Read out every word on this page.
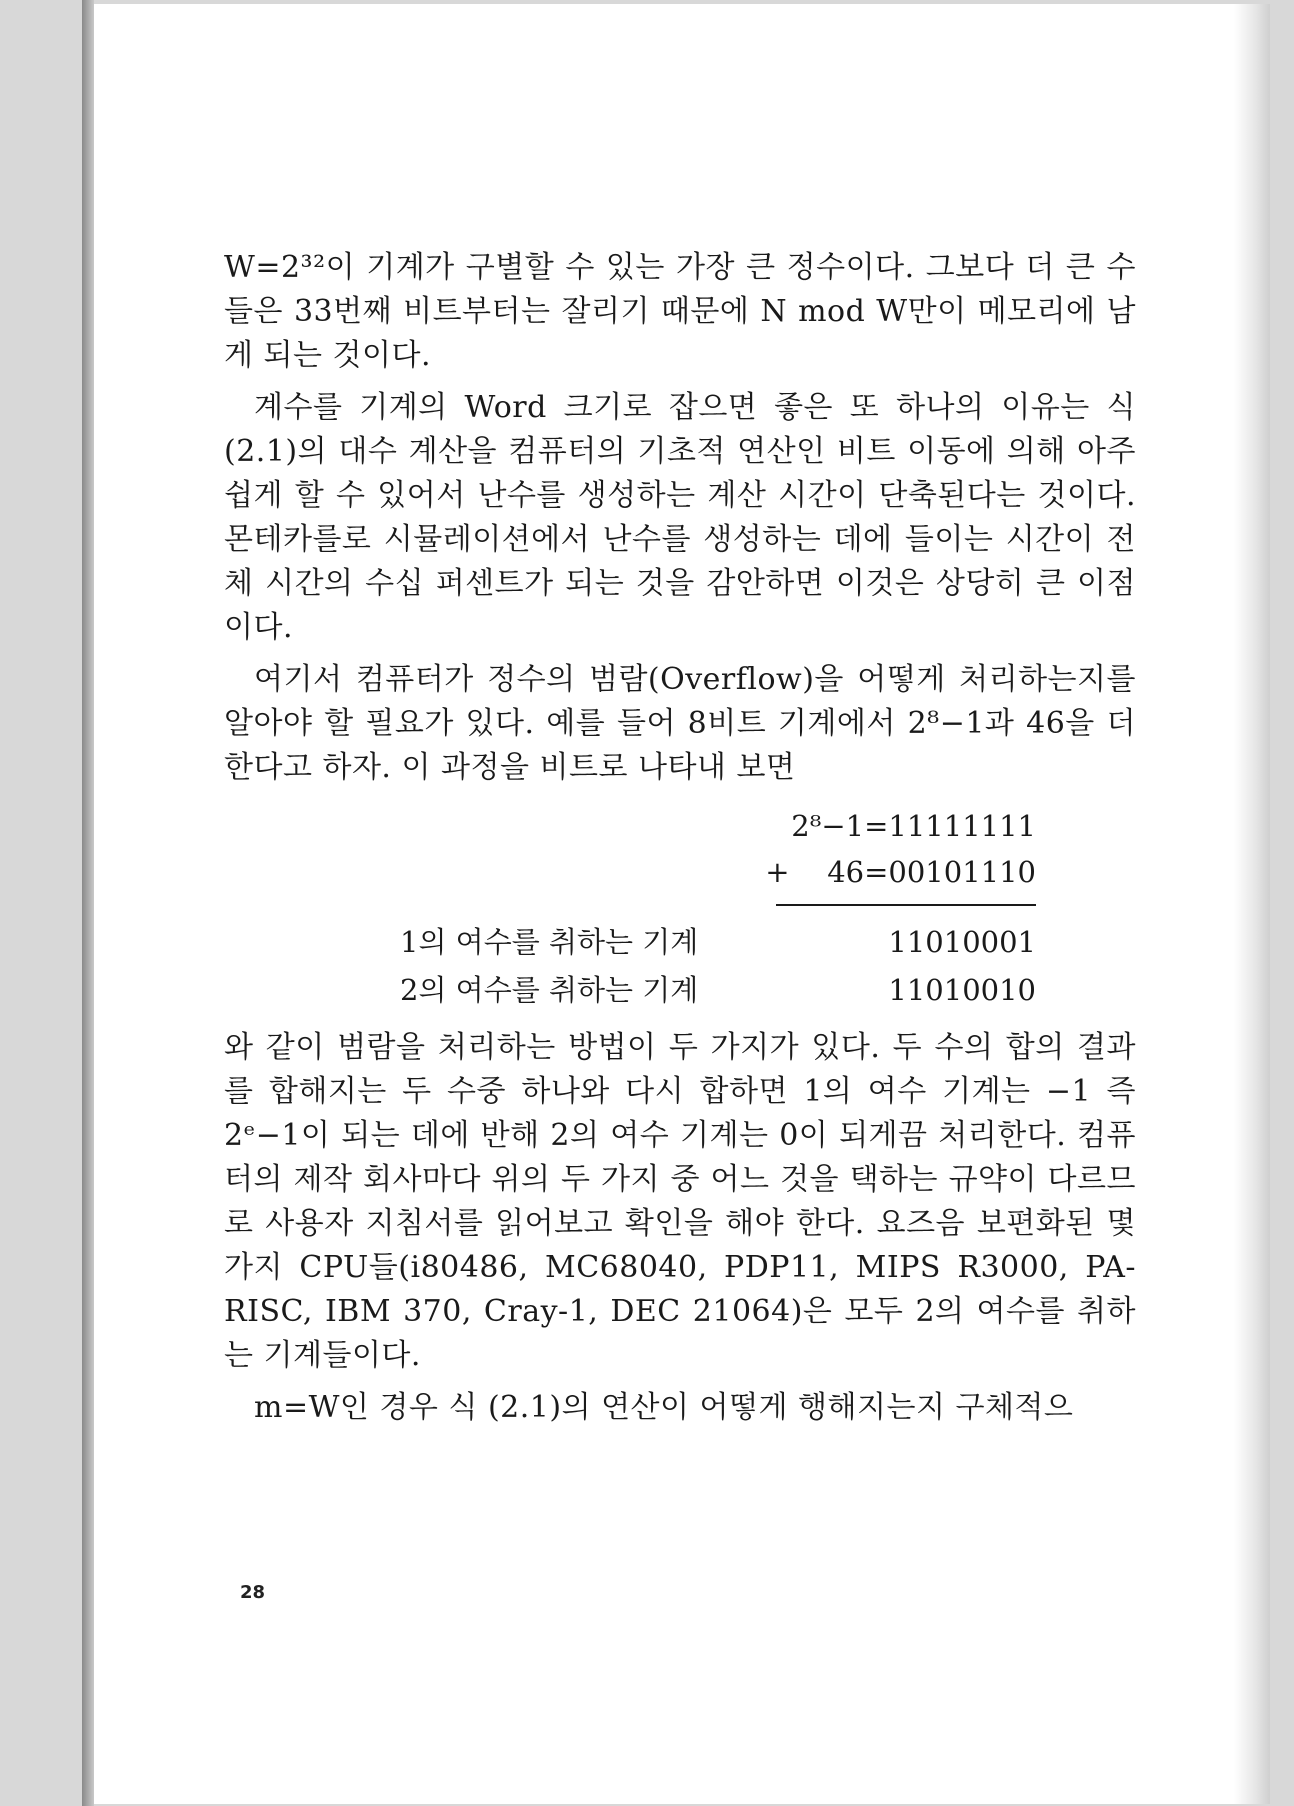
W=2³²이 기계가 구별할 수 있는 가장 큰 정수이다. 그보다 더 큰 수들은 33번째 비트부터는 잘리기 때문에 N mod W만이 메모리에 남게 되는 것이다.

계수를 기계의 Word 크기로 잡으면 좋은 또 하나의 이유는 식 (2.1)의 대수 계산을 컴퓨터의 기초적 연산인 비트 이동에 의해 아주 쉽게 할 수 있어서 난수를 생성하는 계산 시간이 단축된다는 것이다. 몬테카를로 시뮬레이션에서 난수를 생성하는 데에 들이는 시간이 전체 시간의 수십 퍼센트가 되는 것을 감안하면 이것은 상당히 큰 이점이다.

여기서 컴퓨터가 정수의 범람(Overflow)을 어떻게 처리하는지를 알아야 할 필요가 있다. 예를 들어 8비트 기계에서 2⁸−1과 46을 더한다고 하자. 이 과정을 비트로 나타내 보면

2⁸−1=11111111
+ 46=00101110
1의 여수를 취하는 기계	11010001
2의 여수를 취하는 기계	11010010

와 같이 범람을 처리하는 방법이 두 가지가 있다. 두 수의 합의 결과를 합해지는 두 수중 하나와 다시 합하면 1의 여수 기계는 −1 즉 2ᵉ−1이 되는 데에 반해 2의 여수 기계는 0이 되게끔 처리한다. 컴퓨터의 제작 회사마다 위의 두 가지 중 어느 것을 택하는 규약이 다르므로 사용자 지침서를 읽어보고 확인을 해야 한다. 요즈음 보편화된 몇 가지 CPU들(i80486, MC68040, PDP11, MIPS R3000, PA-RISC, IBM 370, Cray-1, DEC 21064)은 모두 2의 여수를 취하는 기계들이다.

m=W인 경우 식 (2.1)의 연산이 어떻게 행해지는지 구체적으

28
